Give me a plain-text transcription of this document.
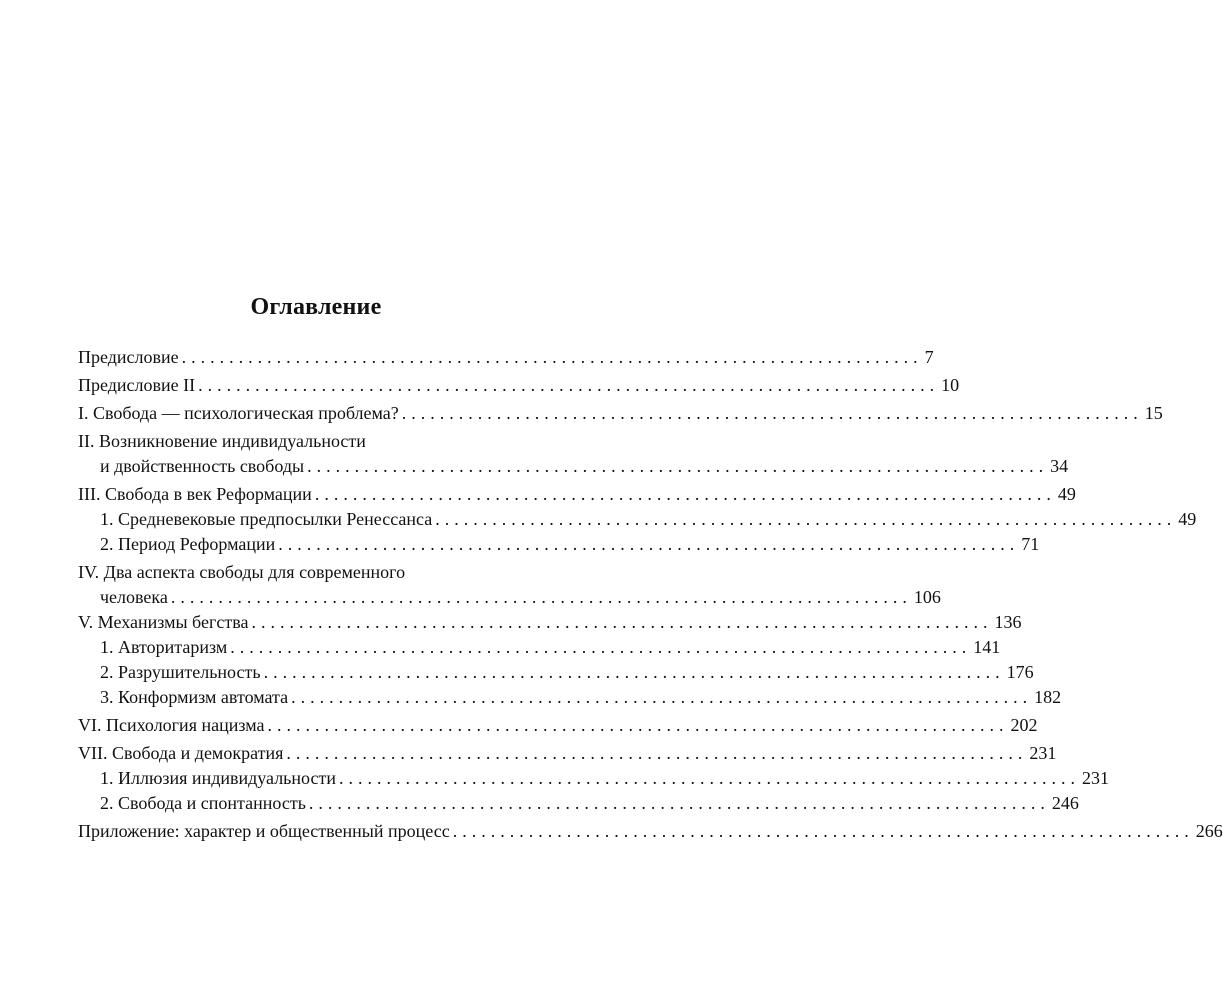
Оглавление
Предисловие .............................................................................. 7
Предисловие II .............................................................................. 10
I. Свобода — психологическая проблема? .............................................................................. 15
II. Возникновение индивидуальности
и двойственность свободы .............................................................................. 34
III. Свобода в век Реформации .............................................................................. 49
1. Средневековые предпосылки Ренессанса .............................................................................. 49
2. Период Реформации .............................................................................. 71
IV. Два аспекта свободы для современного
человека .............................................................................. 106
V. Механизмы бегства .............................................................................. 136
1. Авторитаризм .............................................................................. 141
2. Разрушительность .............................................................................. 176
3. Конформизм автомата .............................................................................. 182
VI. Психология нацизма .............................................................................. 202
VII. Свобода и демократия .............................................................................. 231
1. Иллюзия индивидуальности .............................................................................. 231
2. Свобода и спонтанность .............................................................................. 246
Приложение: характер и общественный процесс .............................................................................. 266
